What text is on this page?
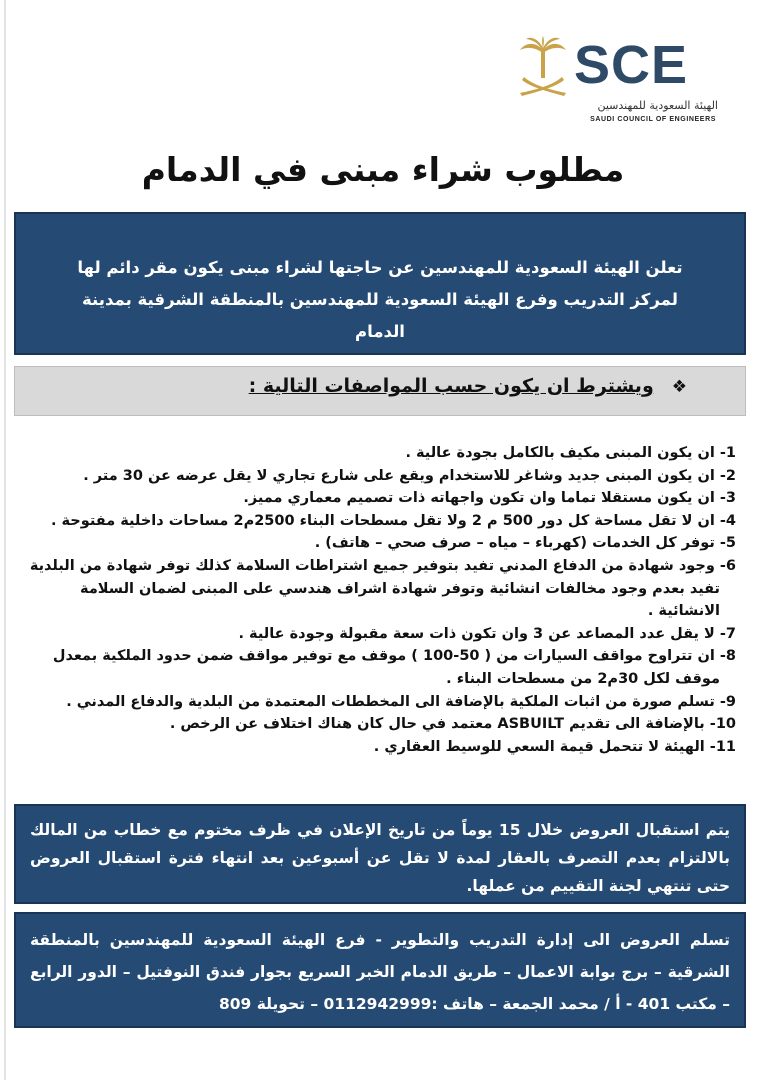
SCE
الهيئة السعودية للمهندسين
SAUDI COUNCIL OF ENGINEERS
مطلوب شراء مبنى في الدمام
تعلن الهيئة السعودية للمهندسين عن حاجتها لشراء مبنى يكون مقر دائم لها
لمركز التدريب وفرع الهيئة السعودية للمهندسين بالمنطقة الشرقية بمدينة الدمام
❖ويشترط ان يكون حسب المواصفات التالية :
1- ان يكون المبنى مكيف بالكامل بجودة عالية .
2- ان يكون المبنى جديد وشاغر للاستخدام ويقع على شارع تجاري لا يقل عرضه عن 30 متر .
3- ان يكون مستقلا تماما وان تكون واجهاته ذات تصميم معماري مميز.
4- ان لا تقل مساحة كل دور 500 م 2 ولا تقل مسطحات البناء 2500م2 مساحات داخلية مفتوحة .
5- توفر كل الخدمات (كهرباء – مياه – صرف صحي – هاتف) .
6- وجود شهادة من الدفاع المدني تفيد بتوفير جميع اشتراطات السلامة كذلك توفر شهادة من البلدية
تفيد بعدم وجود مخالفات انشائية وتوفر شهادة اشراف هندسي على المبنى لضمان السلامة الانشائية .
7- لا يقل عدد المصاعد عن 3 وان تكون ذات سعة مقبولة وجودة عالية .
8- ان تتراوح مواقف السيارات من ( 50-100 ) موقف مع توفير مواقف ضمن حدود الملكية بمعدل
موقف لكل 30م2 من مسطحات البناء .
9- تسلم صورة من اثبات الملكية بالإضافة الى المخططات المعتمدة من البلدية والدفاع المدني .
10- بالإضافة الى تقديم ASBUILT معتمد في حال كان هناك اختلاف عن الرخص .
11- الهيئة لا تتحمل قيمة السعي للوسيط العقاري .
يتم استقبال العروض خلال 15 يوماً من تاريخ الإعلان في ظرف مختوم مع خطاب من المالك بالالتزام بعدم التصرف بالعقار لمدة لا تقل عن أسبوعين بعد انتهاء فترة استقبال العروض حتى تنتهي لجنة التقييم من عملها.
تسلم العروض الى إدارة التدريب والتطوير - فرع الهيئة السعودية للمهندسين بالمنطقة الشرقية – برج بوابة الاعمال – طريق الدمام الخبر السريع بجوار فندق النوفتيل – الدور الرابع – مكتب 401 - أ / محمد الجمعة – هاتف :0112942999 – تحويلة 809
